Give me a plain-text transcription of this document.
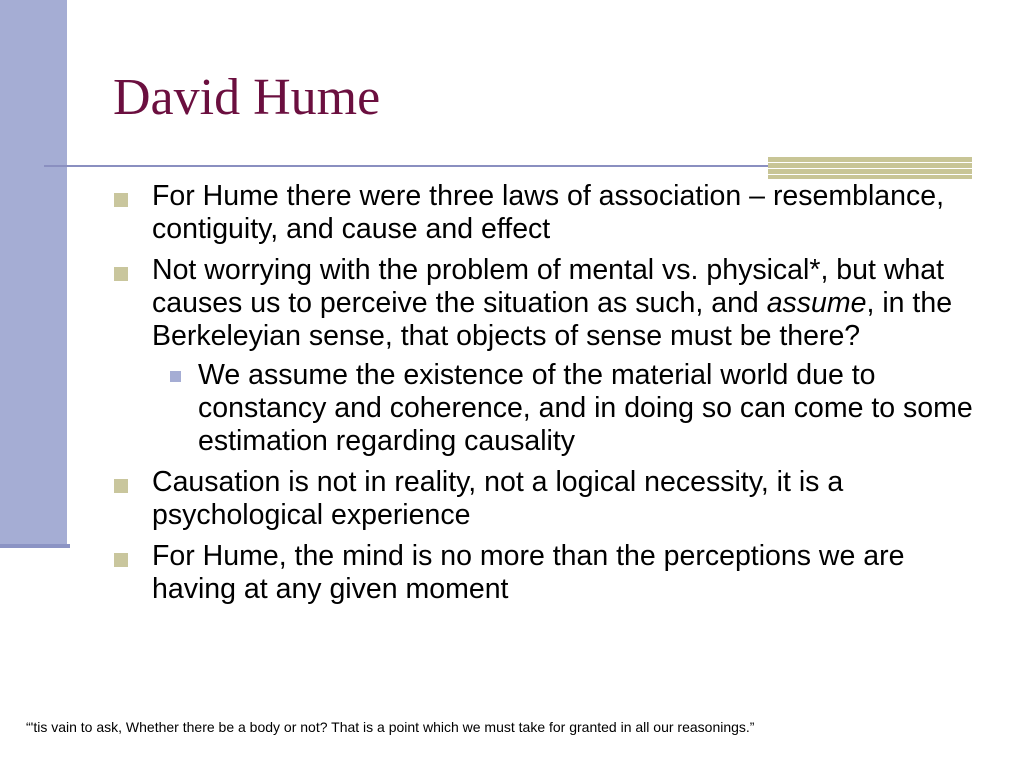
David Hume
For Hume there were three laws of association – resemblance, contiguity, and cause and effect
Not worrying with the problem of mental vs. physical*, but what causes us to perceive the situation as such, and assume, in the Berkeleyian sense, that objects of sense must be there?
We assume the existence of the material world due to constancy and coherence, and in doing so can come to some estimation regarding causality
Causation is not in reality, not a logical necessity, it is a psychological experience
For Hume, the mind is no more than the perceptions we are having at any given moment
“'tis vain to ask, Whether there be a body or not? That is a point which we must take for granted in all our reasonings.”
